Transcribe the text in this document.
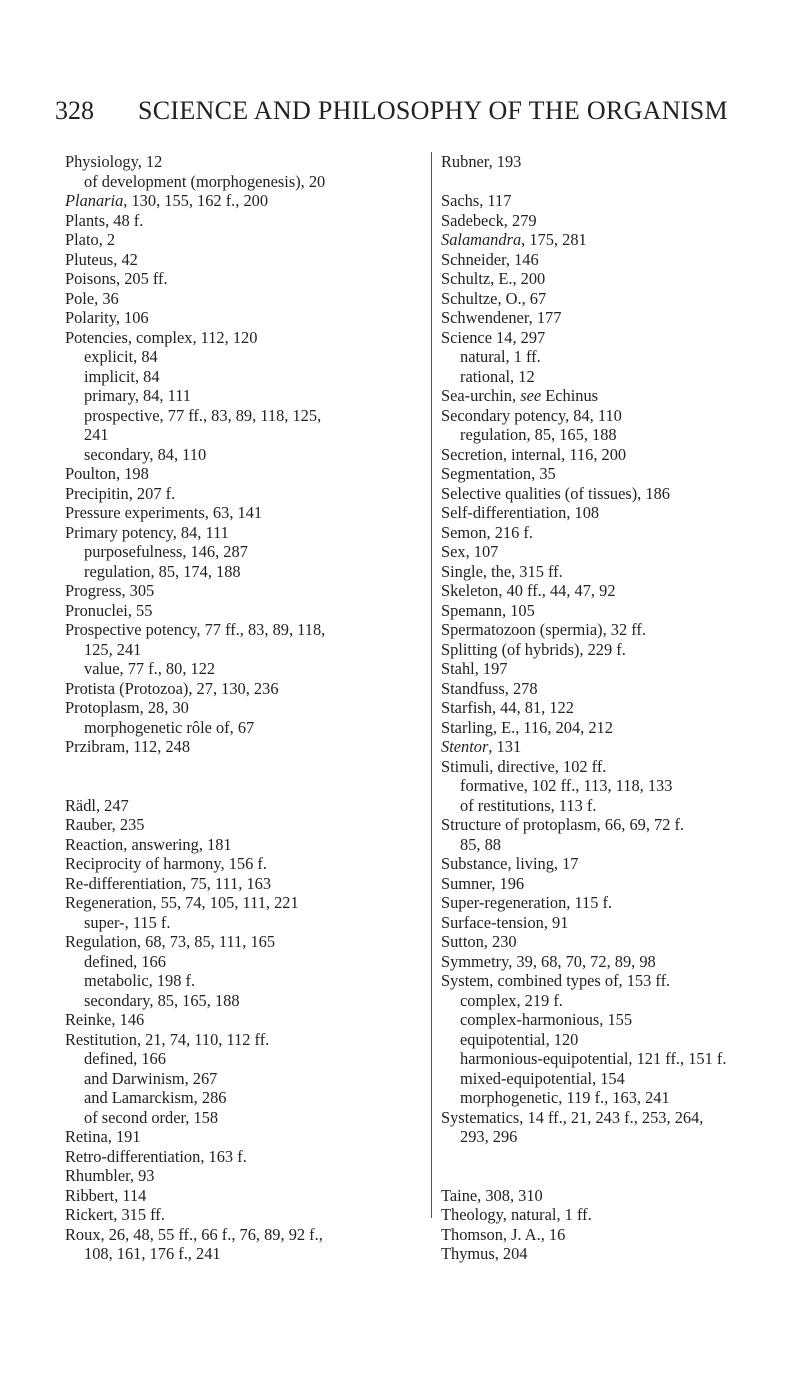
328 SCIENCE AND PHILOSOPHY OF THE ORGANISM
Physiology, 12
of development (morphogenesis), 20
Planaria, 130, 155, 162 f., 200
Plants, 48 f.
Plato, 2
Pluteus, 42
Poisons, 205 ff.
Pole, 36
Polarity, 106
Potencies, complex, 112, 120
explicit, 84
implicit, 84
primary, 84, 111
prospective, 77 ff., 83, 89, 118, 125,
241
secondary, 84, 110
Poulton, 198
Precipitin, 207 f.
Pressure experiments, 63, 141
Primary potency, 84, 111
purposefulness, 146, 287
regulation, 85, 174, 188
Progress, 305
Pronuclei, 55
Prospective potency, 77 ff., 83, 89, 118,
125, 241
value, 77 f., 80, 122
Protista (Protozoa), 27, 130, 236
Protoplasm, 28, 30
morphogenetic rôle of, 67
Przibram, 112, 248
Rädl, 247
Rauber, 235
Reaction, answering, 181
Reciprocity of harmony, 156 f.
Re-differentiation, 75, 111, 163
Regeneration, 55, 74, 105, 111, 221
super-, 115 f.
Regulation, 68, 73, 85, 111, 165
defined, 166
metabolic, 198 f.
secondary, 85, 165, 188
Reinke, 146
Restitution, 21, 74, 110, 112 ff.
defined, 166
and Darwinism, 267
and Lamarckism, 286
of second order, 158
Retina, 191
Retro-differentiation, 163 f.
Rhumbler, 93
Ribbert, 114
Rickert, 315 ff.
Roux, 26, 48, 55 ff., 66 f., 76, 89, 92 f.,
108, 161, 176 f., 241
Rubner, 193
Sachs, 117
Sadebeck, 279
Salamandra, 175, 281
Schneider, 146
Schultz, E., 200
Schultze, O., 67
Schwendener, 177
Science 14, 297
natural, 1 ff.
rational, 12
Sea-urchin, see Echinus
Secondary potency, 84, 110
regulation, 85, 165, 188
Secretion, internal, 116, 200
Segmentation, 35
Selective qualities (of tissues), 186
Self-differentiation, 108
Semon, 216 f.
Sex, 107
Single, the, 315 ff.
Skeleton, 40 ff., 44, 47, 92
Spemann, 105
Spermatozoon (spermia), 32 ff.
Splitting (of hybrids), 229 f.
Stahl, 197
Standfuss, 278
Starfish, 44, 81, 122
Starling, E., 116, 204, 212
Stentor, 131
Stimuli, directive, 102 ff.
formative, 102 ff., 113, 118, 133
of restitutions, 113 f.
Structure of protoplasm, 66, 69, 72 f.
85, 88
Substance, living, 17
Sumner, 196
Super-regeneration, 115 f.
Surface-tension, 91
Sutton, 230
Symmetry, 39, 68, 70, 72, 89, 98
System, combined types of, 153 ff.
complex, 219 f.
complex-harmonious, 155
equipotential, 120
harmonious-equipotential, 121 ff., 151 f.
mixed-equipotential, 154
morphogenetic, 119 f., 163, 241
Systematics, 14 ff., 21, 243 f., 253, 264,
293, 296
Taine, 308, 310
Theology, natural, 1 ff.
Thomson, J. A., 16
Thymus, 204
